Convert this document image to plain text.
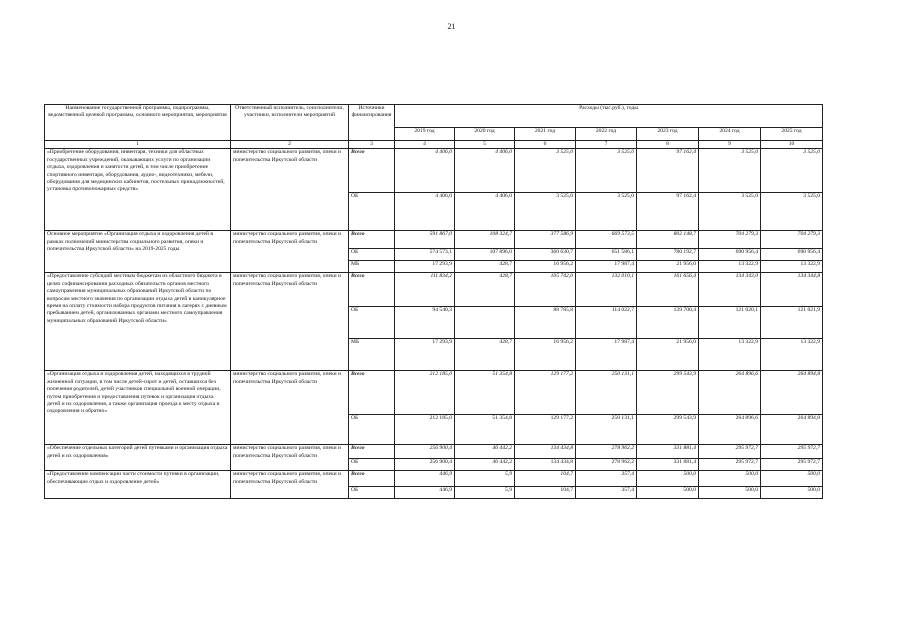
21
Наименование государственной программы, подпрограммы, ведомственной целевой программы, основного мероприятия, мероприятия	Ответственный исполнитель, соисполнители, участники, исполнители мероприятий	Источники финансирования	Расходы (тыс.руб.), годы						
			2019 год	2020 год	2021 год	2022 год	2023 год	2024 год	2025 год
1	2	3	4	5	6	7	8	9	10
«Приобретение оборудования, инвентаря, техники для областных государственных учреждений, оказывающих услуги по организации отдыха, оздоровления и занятости детей, в том числе приобретение спортивного инвентаря, оборудования, аудио-, видеотехники, мебели, оборудования для медицинских кабинетов, постельных принадлежностей, установка противопожарных средств»	министерство социального развития, опеки и попечительства Иркутской области	Всего	4 406,0	4 406,0	3 525,0	3 525,0	97 162,4	3 525,0	3 525,0
		ОБ	4 406,0	4 406,0	3 525,0	3 525,0	97 162,4	3 525,0	3 525,0
Основное мероприятие «Организация отдыха и оздоровления детей в рамках полномочий министерства социального развития, опеки и попечительства Иркутской области» на 2019-2025 годы	министерство социального развития, опеки и попечительства Иркутской области	Всего	591 867,0	108 324,7	377 586,9	669 573,5	802 148,7	704 279,3	704 279,3
		ОБ	574 573,1	107 896,0	360 630,7	651 586,1	780 192,7	690 956,4	690 956,4
		МБ	17 293,9	428,7	16 956,2	17 987,4	21 956,0	13 322,9	13 322,9
«Предоставление субсидий местным бюджетам из областного бюджета в целях софинансирования расходных обязательств органов местного самоуправления муниципальных образований Иркутской области по вопросам местного значения по организации отдыха детей в каникулярное время на оплату стоимости набора продуктов питания в лагерях с дневным пребыванием детей, организованных органами местного самоуправления муниципальных образований Иркутской области»	министерство социального развития, опеки и попечительства Иркутской области	Всего	111 834,2	428,7	105 742,0	132 010,1	161 656,4	134 343,0	134 344,8
		ОБ	94 540,3		88 785,8	114 022,7	139 700,4	121 020,1	121 021,9
		МБ	17 293,9	428,7	16 956,2	17 987,4	21 956,0	13 322,9	13 322,9
«Организация отдыха и оздоровления детей, находящихся в трудной жизненной ситуации, в том числе детей-сирот и детей, оставшихся без попечения родителей, детей участников специальной военной операции, путем приобретения и предоставления путевок и организация отдыха детей и их оздоровления, а также организация проезда к месту отдыха и оздоровления и обратно»	министерство социального развития, опеки и попечительства Иркутской области	Всего	212 185,0	51 354,8	129 177,2	250 131,1	299 543,9	264 896,6	264 894,8
		ОБ	212 185,0	51 354,8	129 177,2	250 131,1	299 543,9	264 896,6	264 894,8
«Обеспечение отдельных категорий детей путевками и организация отдыха детей и их оздоровления»	министерство социального развития, опеки и попечительства Иркутской области	Всего	256 900,4	46 442,2	134 434,8	278 962,2	331 881,4	295 972,7	295 972,7
		ОБ	256 900,4	46 442,2	134 434,8	278 962,2	331 881,4	295 972,7	295 972,7
«Предоставление компенсации части стоимости путевки в организации, обеспечивающие отдых и оздоровление детей»	министерство социального развития, опеки и попечительства Иркутской области	Всего	446,9	5,9	104,7	357,4	500,0	500,0	500,0
		ОБ	446,9	5,9	104,7	357,4	500,0	500,0	500,0
